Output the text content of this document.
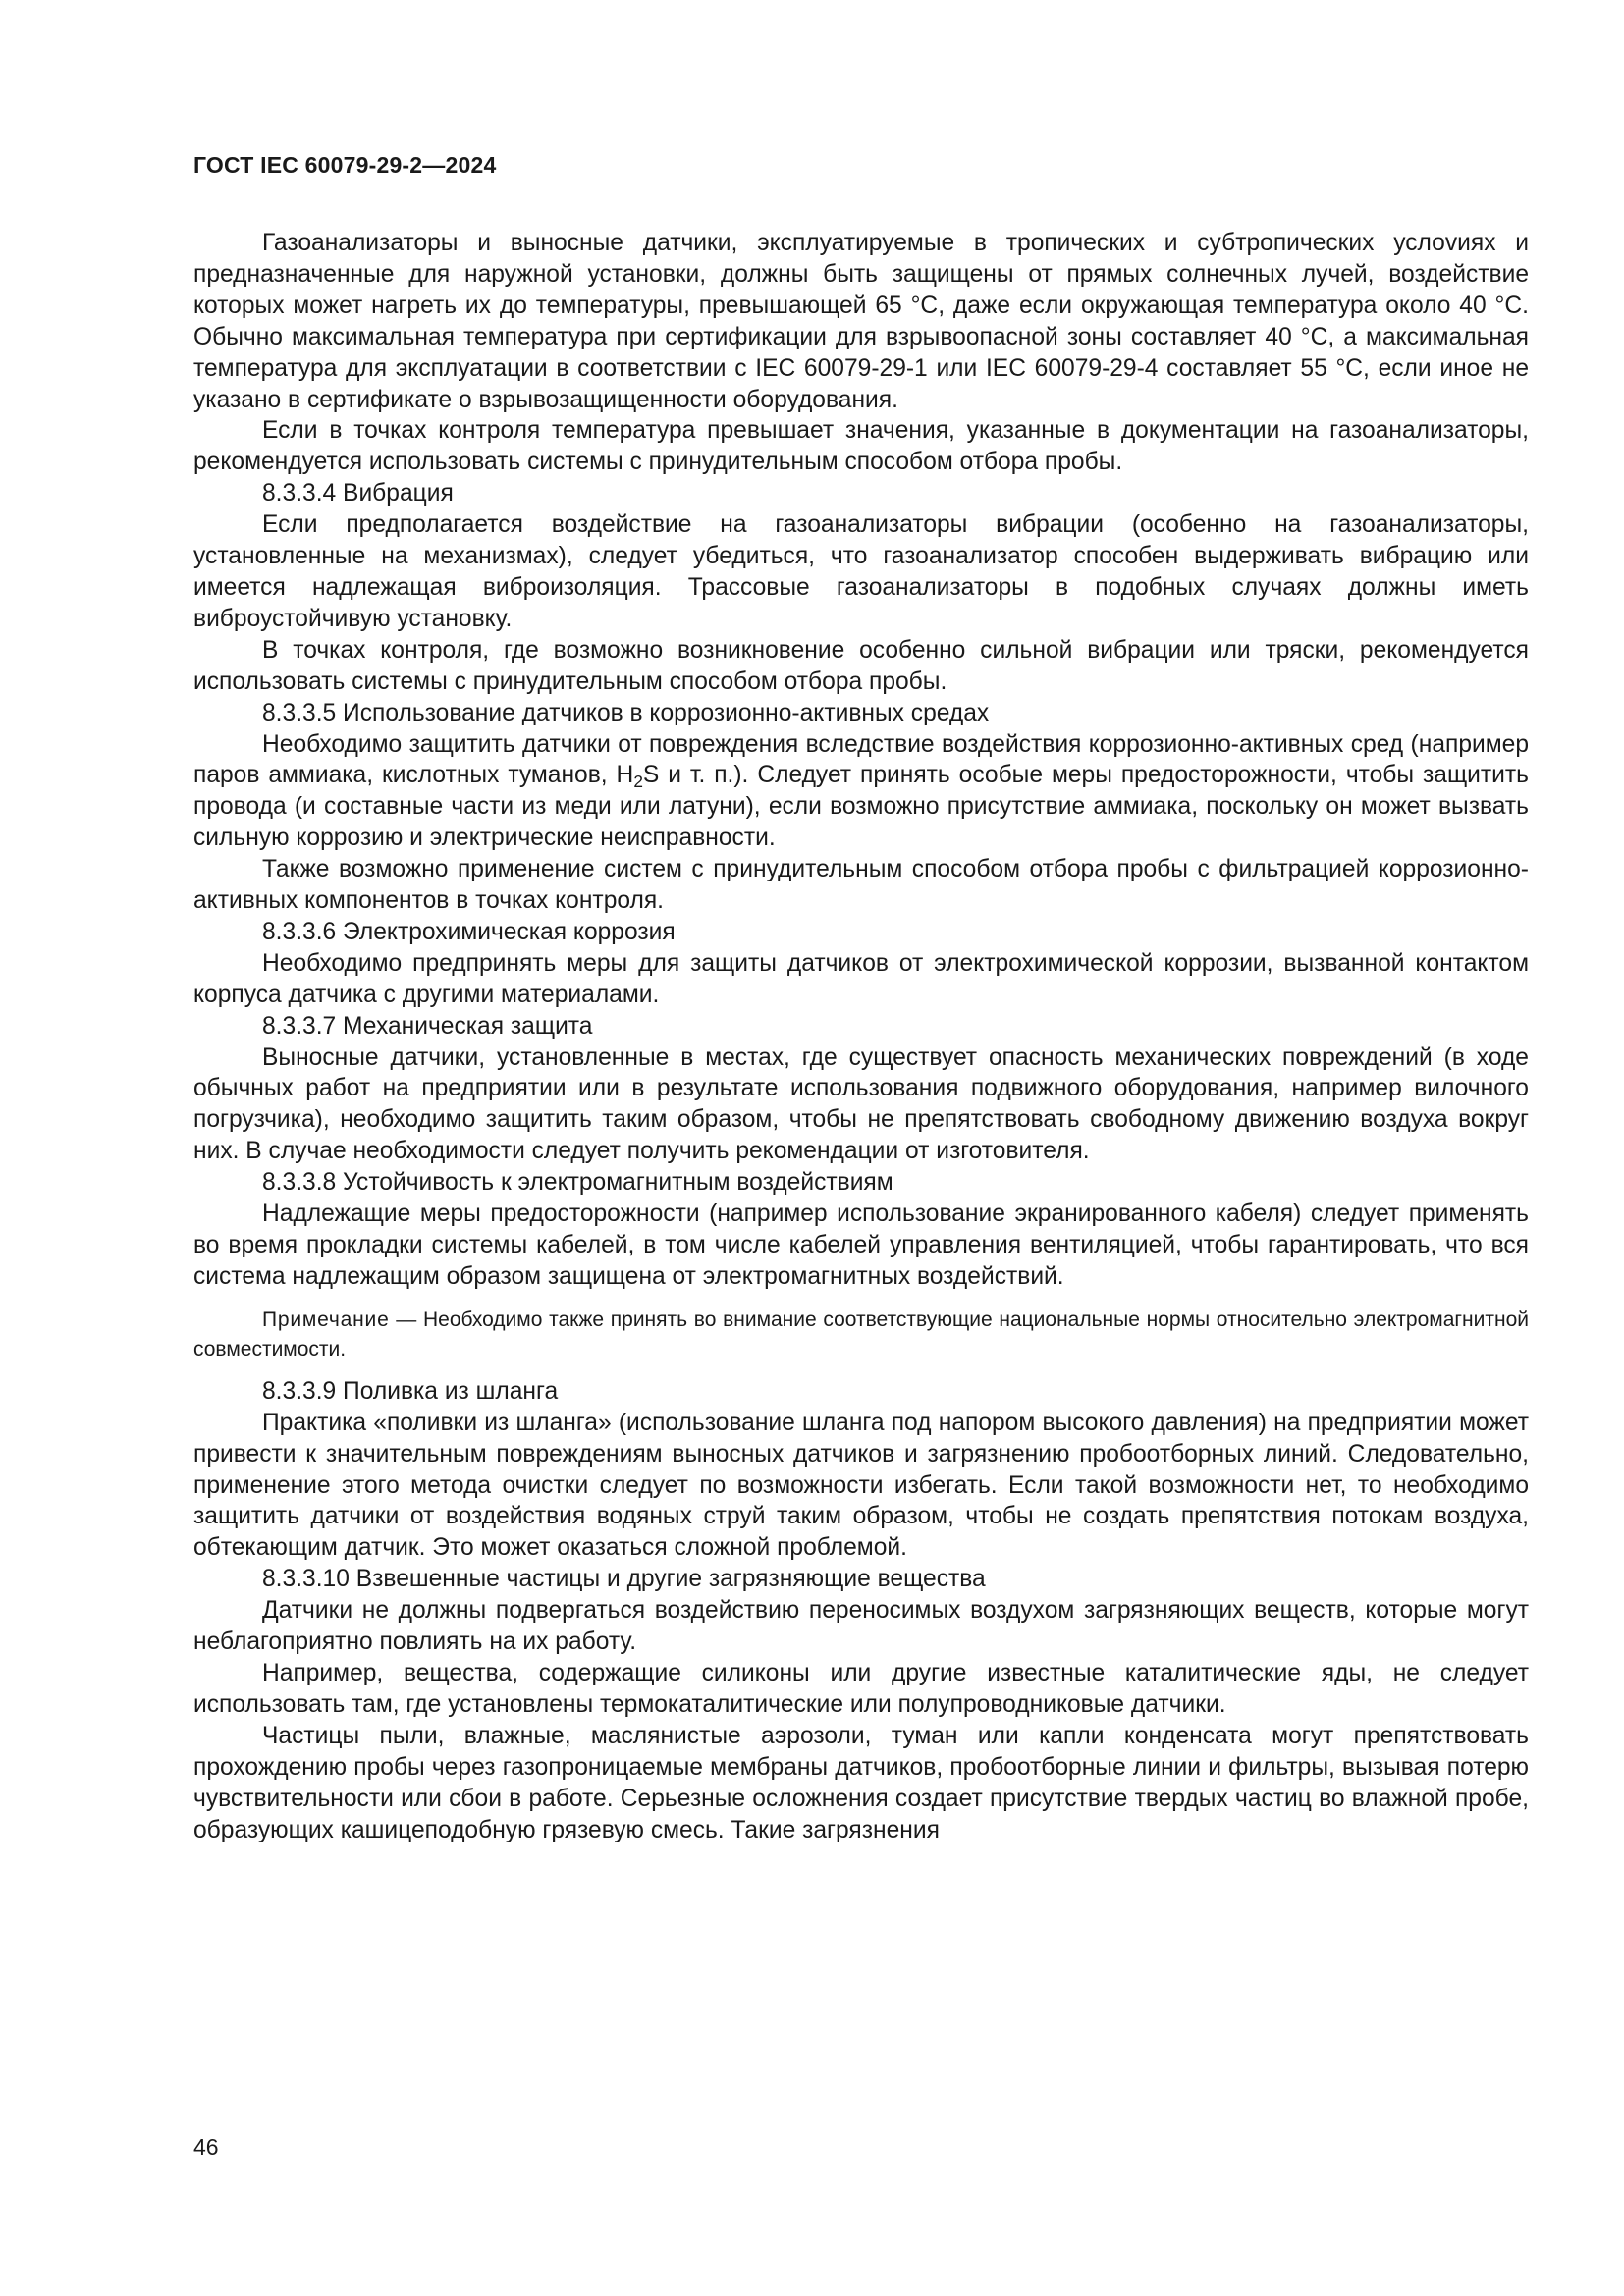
ГОСТ IEC 60079-29-2—2024

Газоанализаторы и выносные датчики, эксплуатируемые в тропических и субтропических услоvиях и предназначенные для наружной установки, должны быть защищены от прямых солнечных лучей, воздействие которых может нагреть их до температуры, превышающей 65 °С, даже если окружающая температура около 40 °С. Обычно максимальная температура при сертификации для взрывоопасной зоны составляет 40 °С, а максимальная температура для эксплуатации в соответствии с IEC 60079-29-1 или IEC 60079-29-4 составляет 55 °С, если иное не указано в сертификате о взрывозащищенности оборудования.

Если в точках контроля температура превышает значения, указанные в документации на газоанализаторы, рекомендуется использовать системы с принудительным способом отбора пробы.

8.3.3.4 Вибрация

Если предполагается воздействие на газоанализаторы вибрации (особенно на газоанализаторы, установленные на механизмах), следует убедиться, что газоанализатор способен выдерживать вибрацию или имеется надлежащая виброизоляция. Трассовые газоанализаторы в подобных случаях должны иметь виброустойчивую установку.

В точках контроля, где возможно возникновение особенно сильной вибрации или тряски, рекомендуется использовать системы с принудительным способом отбора пробы.

8.3.3.5 Использование датчиков в коррозионно-активных средах

Необходимо защитить датчики от повреждения вследствие воздействия коррозионно-активных сред (например паров аммиака, кислотных туманов, $H_2S$ и т. п.). Следует принять особые меры предосторожности, чтобы защитить провода (и составные части из меди или латуни), если возможно присутствие аммиака, поскольку он может вызвать сильную коррозию и электрические неисправности.

Также возможно применение систем с принудительным способом отбора пробы с фильтрацией коррозионно-активных компонентов в точках контроля.

8.3.3.6 Электрохимическая коррозия

Необходимо предпринять меры для защиты датчиков от электрохимической коррозии, вызванной контактом корпуса датчика с другими материалами.

8.3.3.7 Механическая защита

Выносные датчики, установленные в местах, где существует опасность механических повреждений (в ходе обычных работ на предприятии или в результате использования подвижного оборудования, например вилочного погрузчика), необходимо защитить таким образом, чтобы не препятствовать свободному движению воздуха вокруг них. В случае необходимости следует получить рекомендации от изготовителя.

8.3.3.8 Устойчивость к электромагнитным воздействиям

Надлежащие меры предосторожности (например использование экранированного кабеля) следует применять во время прокладки системы кабелей, в том числе кабелей управления вентиляцией, чтобы гарантировать, что вся система надлежащим образом защищена от электромагнитных воздействий.

Примечание — Необходимо также принять во внимание соответствующие национальные нормы относительно электромагнитной совместимости.

8.3.3.9 Поливка из шланга

Практика «поливки из шланга» (использование шланга под напором высокого давления) на предприятии может привести к значительным повреждениям выносных датчиков и загрязнению пробоотборных линий. Следовательно, применение этого метода очистки следует по возможности избегать. Если такой возможности нет, то необходимо защитить датчики от воздействия водяных струй таким образом, чтобы не создать препятствия потокам воздуха, обтекающим датчик. Это может оказаться сложной проблемой.

8.3.3.10 Взвешенные частицы и другие загрязняющие вещества

Датчики не должны подвергаться воздействию переносимых воздухом загрязняющих веществ, которые могут неблагоприятно повлиять на их работу.

Например, вещества, содержащие силиконы или другие известные каталитические яды, не следует использовать там, где установлены термокаталитические или полупроводниковые датчики.

Частицы пыли, влажные, маслянистые аэрозоли, туман или капли конденсата могут препятствовать прохождению пробы через газопроницаемые мембраны датчиков, пробоотборные линии и фильтры, вызывая потерю чувствительности или сбои в работе. Серьезные осложнения создает присутствие твердых частиц во влажной пробе, образующих кашицеподобную грязевую смесь. Такие загрязнения

46
